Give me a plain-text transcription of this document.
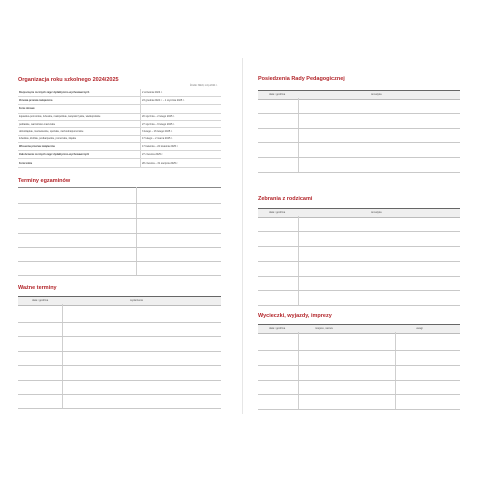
Organizacja roku szkolnego 2024/2025
Źródło: MEN, rozp.2024 r.
Rozpoczęcie rocznych zajęć dydaktyczno-wychowawczych	2 września 2024 r.
Zimowa przerwa świąteczna	23 grudnia 2024 r. – 1 stycznia 2025 r.
Ferie zimowe	
kujawsko-pomorskie, lubuskie, małopolskie, świętokrzyskie, wielkopolskie	20 stycznia – 2 lutego 2025 r.
podlaskie, warmińsko-mazurskie	27 stycznia – 9 lutego 2025 r.
dolnośląskie, mazowieckie, opolskie, zachodniopomorskie	3 lutego – 16 lutego 2025 r.
lubelskie, łódzkie, podkarpackie, pomorskie, śląskie	17 lutego – 2 marca 2025 r.
Wiosenna przerwa świąteczna	17 kwietnia – 22 kwietnia 2025 r.
Zakończenie rocznych zajęć dydaktyczno-wychowawczych	27 czerwca 2025 r.
Ferie letnie	28 czerwca – 31 sierpnia 2025 r.
Terminy egzaminów
Ważne terminy
data i godzina	wydarzenie
Posiedzenia Rady Pedagogicznej
data i godzina	tematyka
Zebrania z rodzicami
data i godzina	tematyka
Wycieczki, wyjazdy, imprezy
data i godzina	miejsce, nazwa	uwagi
